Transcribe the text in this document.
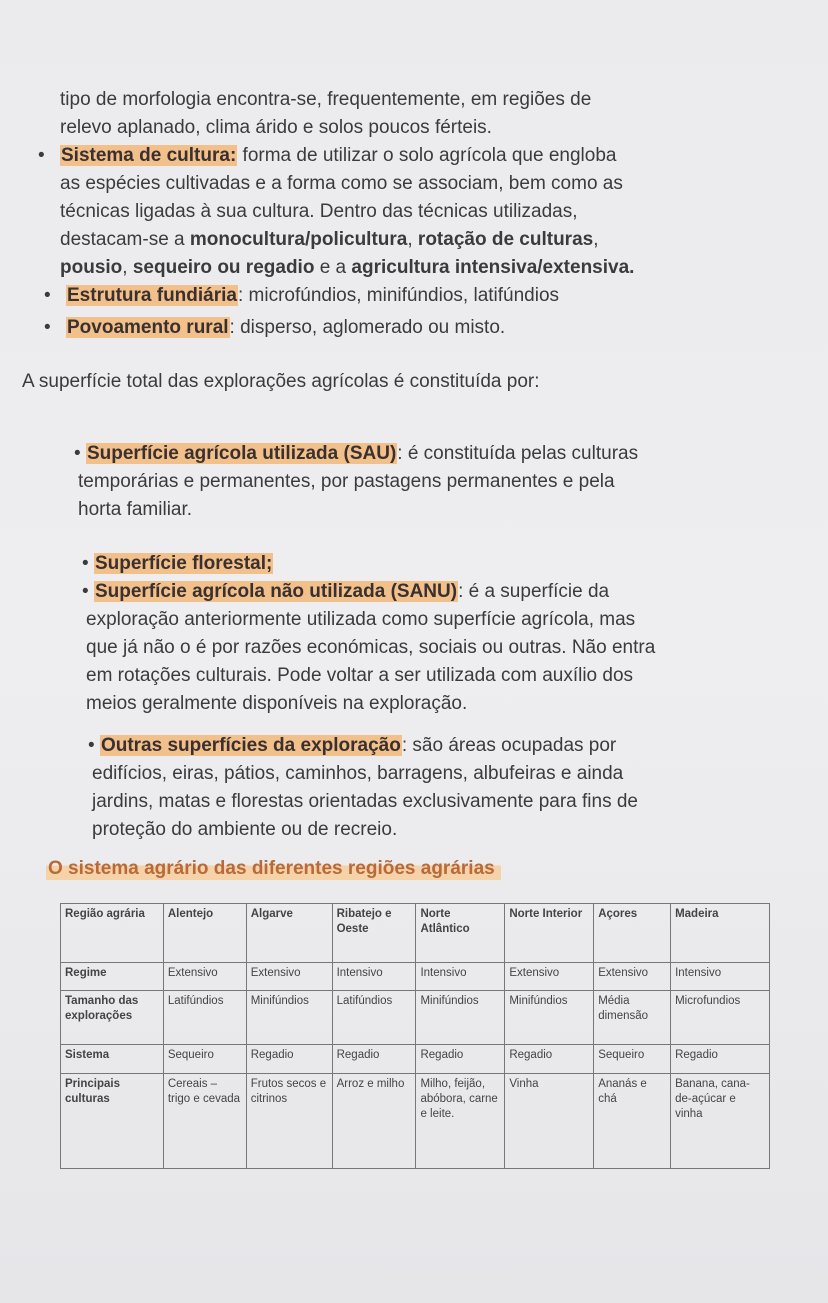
tipo de morfologia encontra-se, frequentemente, em regiões de
relevo aplanado, clima árido e solos poucos férteis.
• Sistema de cultura: forma de utilizar o solo agrícola que engloba
as espécies cultivadas e a forma como se associam, bem como as
técnicas ligadas à sua cultura. Dentro das técnicas utilizadas,
destacam-se a monocultura/policultura, rotação de culturas,
pousio, sequeiro ou regadio e a agricultura intensiva/extensiva.
• Estrutura fundiária: microfúndios, minifúndios, latifúndios
• Povoamento rural: disperso, aglomerado ou misto.
A superfície total das explorações agrícolas é constituída por:
• Superfície agrícola utilizada (SAU): é constituída pelas culturas
temporárias e permanentes, por pastagens permanentes e pela
horta familiar.
• Superfície florestal;
• Superfície agrícola não utilizada (SANU): é a superfície da
exploração anteriormente utilizada como superfície agrícola, mas
que já não o é por razões económicas, sociais ou outras. Não entra
em rotações culturais. Pode voltar a ser utilizada com auxílio dos
meios geralmente disponíveis na exploração.
• Outras superfícies da exploração: são áreas ocupadas por
edifícios, eiras, pátios, caminhos, barragens, albufeiras e ainda
jardins, matas e florestas orientadas exclusivamente para fins de
proteção do ambiente ou de recreio.
O sistema agrário das diferentes regiões agrárias
Região agrária	Alentejo	Algarve	Ribatejo e Oeste	Norte Atlântico	Norte Interior	Açores	Madeira
Regime	Extensivo	Extensivo	Intensivo	Intensivo	Extensivo	Extensivo	Intensivo
Tamanho das explorações	Latifúndios	Minifúndios	Latifúndios	Minifúndios	Minifúndios	Média dimensão	Microfundios
Sistema	Sequeiro	Regadio	Regadio	Regadio	Regadio	Sequeiro	Regadio
Principais culturas	Cereais – trigo e cevada	Frutos secos e citrinos	Arroz e milho	Milho, feijão, abóbora, carne e leite.	Vinha	Ananás e chá	Banana, cana-de-açúcar e vinha
